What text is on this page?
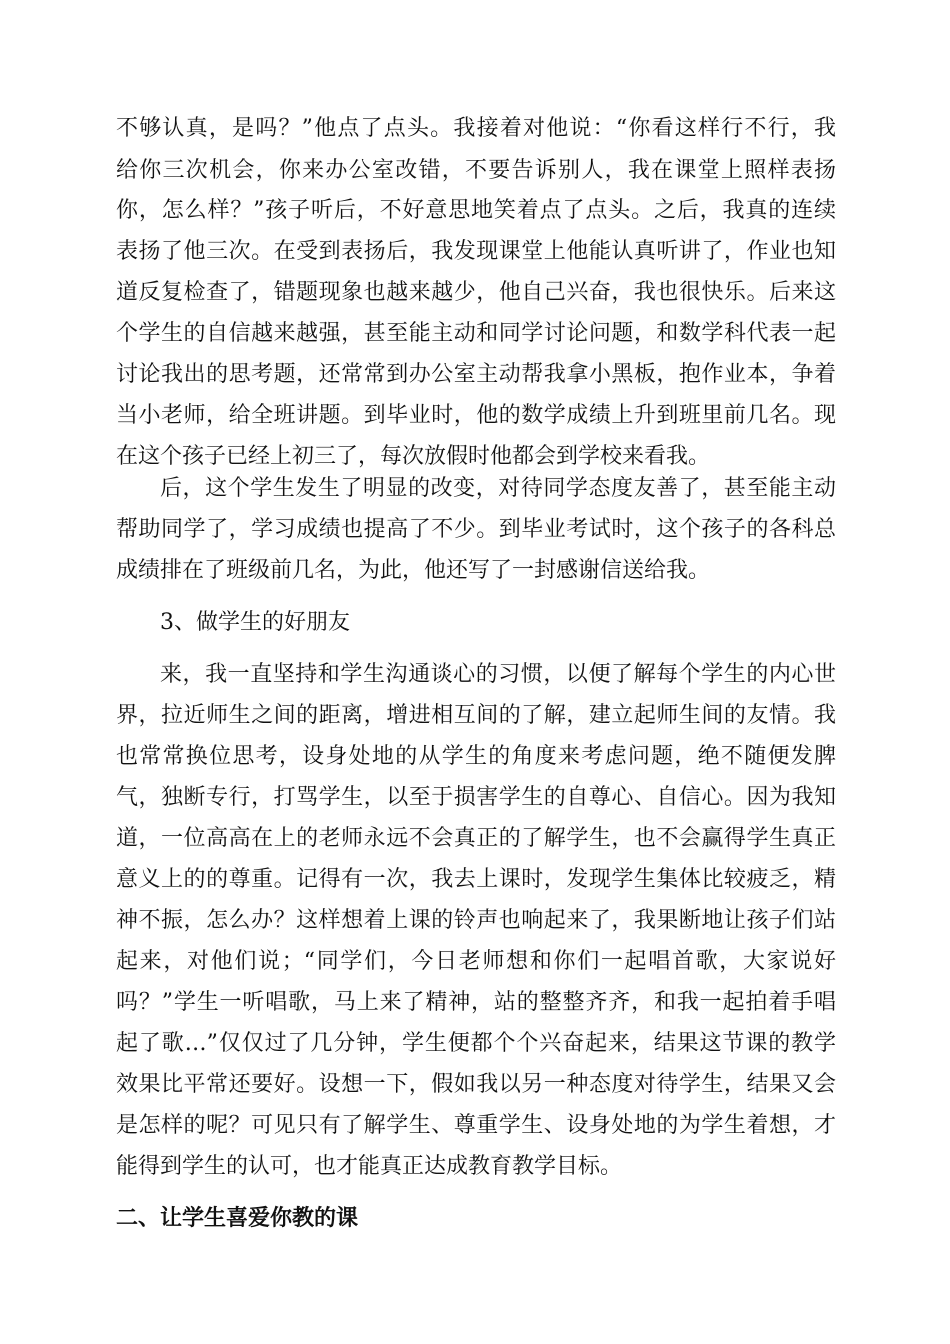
不够认真，是吗？”他点了点头。我接着对他说：“你看这样行不行，我
给你三次机会，你来办公室改错，不要告诉别人，我在课堂上照样表扬
你，怎么样？”孩子听后，不好意思地笑着点了点头。之后，我真的连续
表扬了他三次。在受到表扬后，我发现课堂上他能认真听讲了，作业也知
道反复检查了，错题现象也越来越少，他自己兴奋，我也很快乐。后来这
个学生的自信越来越强，甚至能主动和同学讨论问题，和数学科代表一起
讨论我出的思考题，还常常到办公室主动帮我拿小黑板，抱作业本，争着
当小老师，给全班讲题。到毕业时，他的数学成绩上升到班里前几名。现
在这个孩子已经上初三了，每次放假时他都会到学校来看我。
后，这个学生发生了明显的改变，对待同学态度友善了，甚至能主动
帮助同学了，学习成绩也提高了不少。到毕业考试时，这个孩子的各科总
成绩排在了班级前几名，为此，他还写了一封感谢信送给我。
3、做学生的好朋友
来，我一直坚持和学生沟通谈心的习惯，以便了解每个学生的内心世
界，拉近师生之间的距离，增进相互间的了解，建立起师生间的友情。我
也常常换位思考，设身处地的从学生的角度来考虑问题，绝不随便发脾
气，独断专行，打骂学生，以至于损害学生的自尊心、自信心。因为我知
道，一位高高在上的老师永远不会真正的了解学生，也不会赢得学生真正
意义上的的尊重。记得有一次，我去上课时，发现学生集体比较疲乏，精
神不振，怎么办？这样想着上课的铃声也响起来了，我果断地让孩子们站
起来，对他们说；“同学们，今日老师想和你们一起唱首歌，大家说好
吗？”学生一听唱歌，马上来了精神，站的整整齐齐，和我一起拍着手唱
起了歌…”仅仅过了几分钟，学生便都个个兴奋起来，结果这节课的教学
效果比平常还要好。设想一下，假如我以另一种态度对待学生，结果又会
是怎样的呢？可见只有了解学生、尊重学生、设身处地的为学生着想，才
能得到学生的认可，也才能真正达成教育教学目标。
二、让学生喜爱你教的课
